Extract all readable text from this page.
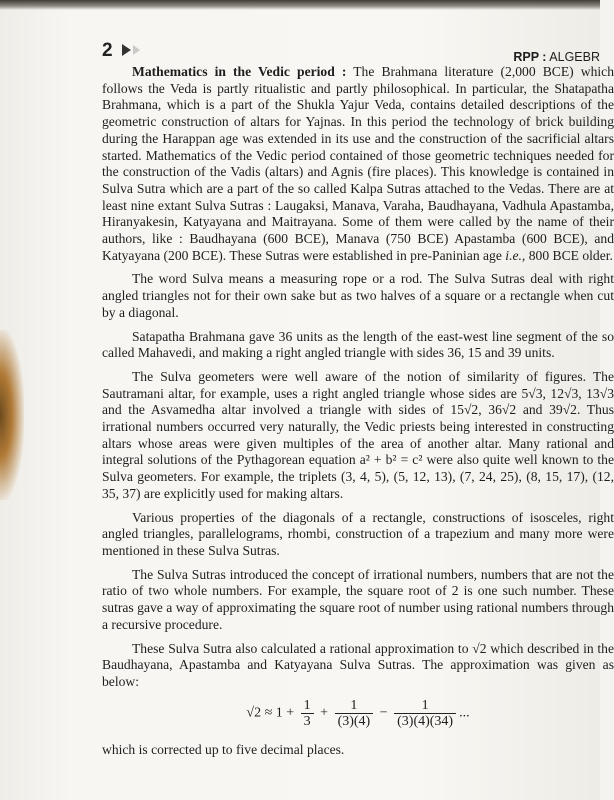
2	RPP : ALGEBR

Mathematics in the Vedic period : The Brahmana literature (2,000 BCE) which follows the Veda is partly ritualistic and partly philosophical. In particular, the Shatapatha Brahmana, which is a part of the Shukla Yajur Veda, contains detailed descriptions of the geometric construction of altars for Yajnas. In this period the technology of brick building during the Harappan age was extended in its use and the construction of the sacrificial altars started. Mathematics of the Vedic period contained of those geometric techniques needed for the construction of the Vadis (altars) and Agnis (fire places). This knowledge is contained in Sulva Sutra which are a part of the so called Kalpa Sutras attached to the Vedas. There are at least nine extant Sulva Sutras : Laugaksi, Manava, Varaha, Baudhayana, Vadhula Apastamba, Hiranyakesin, Katyayana and Maitrayana. Some of them were called by the name of their authors, like : Baudhayana (600 BCE), Manava (750 BCE) Apastamba (600 BCE), and Katyayana (200 BCE). These Sutras were established in pre-Paninian age i.e., 800 BCE older.

The word Sulva means a measuring rope or a rod. The Sulva Sutras deal with right angled triangles not for their own sake but as two halves of a square or a rectangle when cut by a diagonal.

Satapatha Brahmana gave 36 units as the length of the east-west line segment of the so called Mahavedi, and making a right angled triangle with sides 36, 15 and 39 units.

The Sulva geometers were well aware of the notion of similarity of figures. The Sautramani altar, for example, uses a right angled triangle whose sides are 5√3, 12√3, 13√3 and the Asvamedha altar involved a triangle with sides of 15√2, 36√2 and 39√2. Thus irrational numbers occurred very naturally, the Vedic priests being interested in constructing altars whose areas were given multiples of the area of another altar. Many rational and integral solutions of the Pythagorean equation a² + b² = c² were also quite well known to the Sulva geometers. For example, the triplets (3, 4, 5), (5, 12, 13), (7, 24, 25), (8, 15, 17), (12, 35, 37) are explicitly used for making altars.

Various properties of the diagonals of a rectangle, constructions of isosceles, right angled triangles, parallelograms, rhombi, construction of a trapezium and many more were mentioned in these Sulva Sutras.

The Sulva Sutras introduced the concept of irrational numbers, numbers that are not the ratio of two whole numbers. For example, the square root of 2 is one such number. These sutras gave a way of approximating the square root of number using rational numbers through a recursive procedure.

These Sulva Sutra also calculated a rational approximation to √2 which described in the Baudhayana, Apastamba and Katyayana Sulva Sutras. The approximation was given as below:

$√2 \approx 1 + \frac{1}{3} + \frac{1}{(3)(4)} - \frac{1}{(3)(4)(34)}$ ...

which is corrected up to five decimal places.
